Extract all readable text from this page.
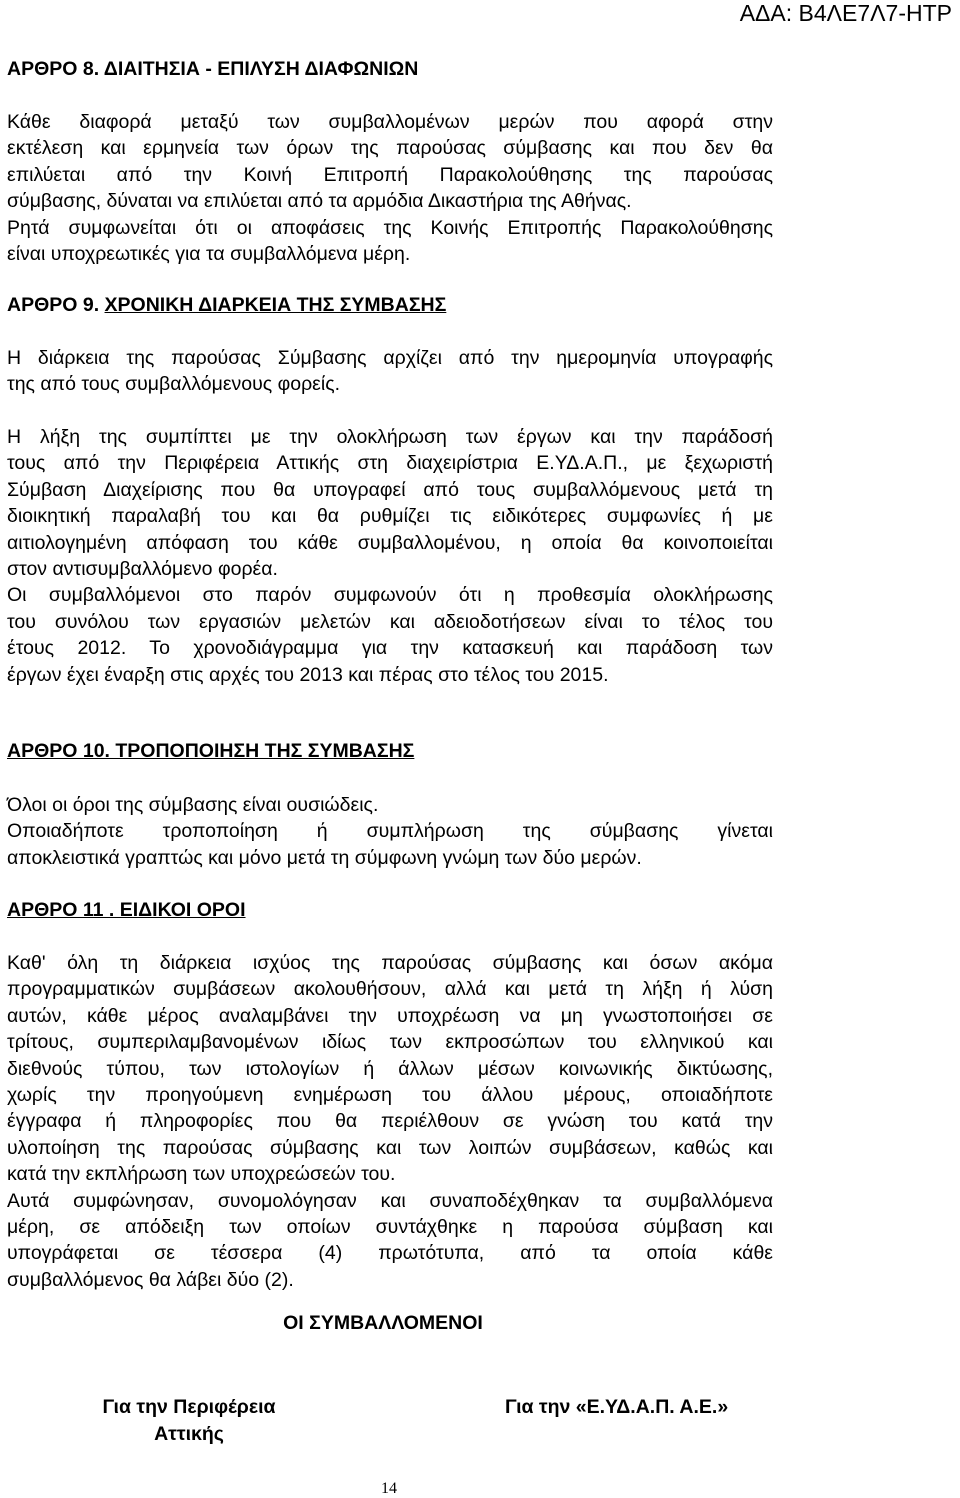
ΑΔΑ: Β4ΛΕ7Λ7-ΗΤΡ
ΑΡΘΡΟ 8. ΔΙΑΙΤΗΣΙΑ - ΕΠΙΛΥΣΗ ΔΙΑΦΩΝΙΩΝ
Κάθε διαφορά μεταξύ των συμβαλλομένων μερών που αφορά στην
εκτέλεση και ερμηνεία των όρων της παρούσας σύμβασης και που δεν θα
επιλύεται από την Κοινή Επιτροπή Παρακολούθησης της παρούσας
σύμβασης, δύναται να επιλύεται από τα αρμόδια Δικαστήρια της Αθήνας.
Ρητά συμφωνείται ότι οι αποφάσεις της Κοινής Επιτροπής Παρακολούθησης
είναι υποχρεωτικές για τα συμβαλλόμενα μέρη.
ΑΡΘΡΟ 9. ΧΡΟΝΙΚΗ ΔΙΑΡΚΕΙΑ ΤΗΣ ΣΥΜΒΑΣΗΣ
Η διάρκεια της παρούσας Σύμβασης αρχίζει από την ημερομηνία υπογραφής
της από τους συμβαλλόμενους φορείς.
Η λήξη της συμπίπτει με την ολοκλήρωση των έργων και την παράδοσή
τους από την Περιφέρεια Αττικής στη διαχειρίστρια Ε.ΥΔ.Α.Π., με ξεχωριστή
Σύμβαση Διαχείρισης που θα υπογραφεί από τους συμβαλλόμενους μετά τη
διοικητική παραλαβή του και θα ρυθμίζει τις ειδικότερες συμφωνίες ή με
αιτιολογημένη απόφαση του κάθε συμβαλλομένου, η οποία θα κοινοποιείται
στον αντισυμβαλλόμενο φορέα.
Οι συμβαλλόμενοι στο παρόν συμφωνούν ότι η προθεσμία ολοκλήρωσης
του συνόλου των εργασιών μελετών και αδειοδοτήσεων είναι το τέλος του
έτους 2012. Το χρονοδιάγραμμα για την κατασκευή και παράδοση των
έργων έχει έναρξη στις αρχές του 2013 και πέρας στο τέλος του 2015.
ΑΡΘΡΟ 10. ΤΡΟΠΟΠΟΙΗΣΗ ΤΗΣ ΣΥΜΒΑΣΗΣ
Όλοι οι όροι της σύμβασης είναι ουσιώδεις.
Οποιαδήποτε τροποποίηση ή συμπλήρωση της σύμβασης γίνεται
αποκλειστικά γραπτώς και μόνο μετά τη σύμφωνη γνώμη των δύο μερών.
ΑΡΘΡΟ 11 . ΕΙΔΙΚΟΙ ΟΡΟΙ
Καθ' όλη τη διάρκεια ισχύος της παρούσας σύμβασης και όσων ακόμα
προγραμματικών συμβάσεων ακολουθήσουν, αλλά και μετά τη λήξη ή λύση
αυτών, κάθε μέρος αναλαμβάνει την υποχρέωση να μη γνωστοποιήσει σε
τρίτους, συμπεριλαμβανομένων ιδίως των εκπροσώπων του ελληνικού και
διεθνούς τύπου, των ιστολογίων ή άλλων μέσων κοινωνικής δικτύωσης,
χωρίς την προηγούμενη ενημέρωση του άλλου μέρους, οποιαδήποτε
έγγραφα ή πληροφορίες που θα περιέλθουν σε γνώση του κατά την
υλοποίηση της παρούσας σύμβασης και των λοιπών συμβάσεων, καθώς και
κατά την εκπλήρωση των υποχρεώσεών του.
Αυτά συμφώνησαν, συνομολόγησαν και συναποδέχθηκαν τα συμβαλλόμενα
μέρη, σε απόδειξη των οποίων συντάχθηκε η παρούσα σύμβαση και
υπογράφεται σε τέσσερα (4) πρωτότυπα, από τα οποία κάθε
συμβαλλόμενος θα λάβει δύο (2).
ΟΙ ΣΥΜΒΑΛΛΟΜΕΝΟΙ
Για την Περιφέρεια
Αττικής
Για την «Ε.ΥΔ.Α.Π. Α.Ε.»
14
